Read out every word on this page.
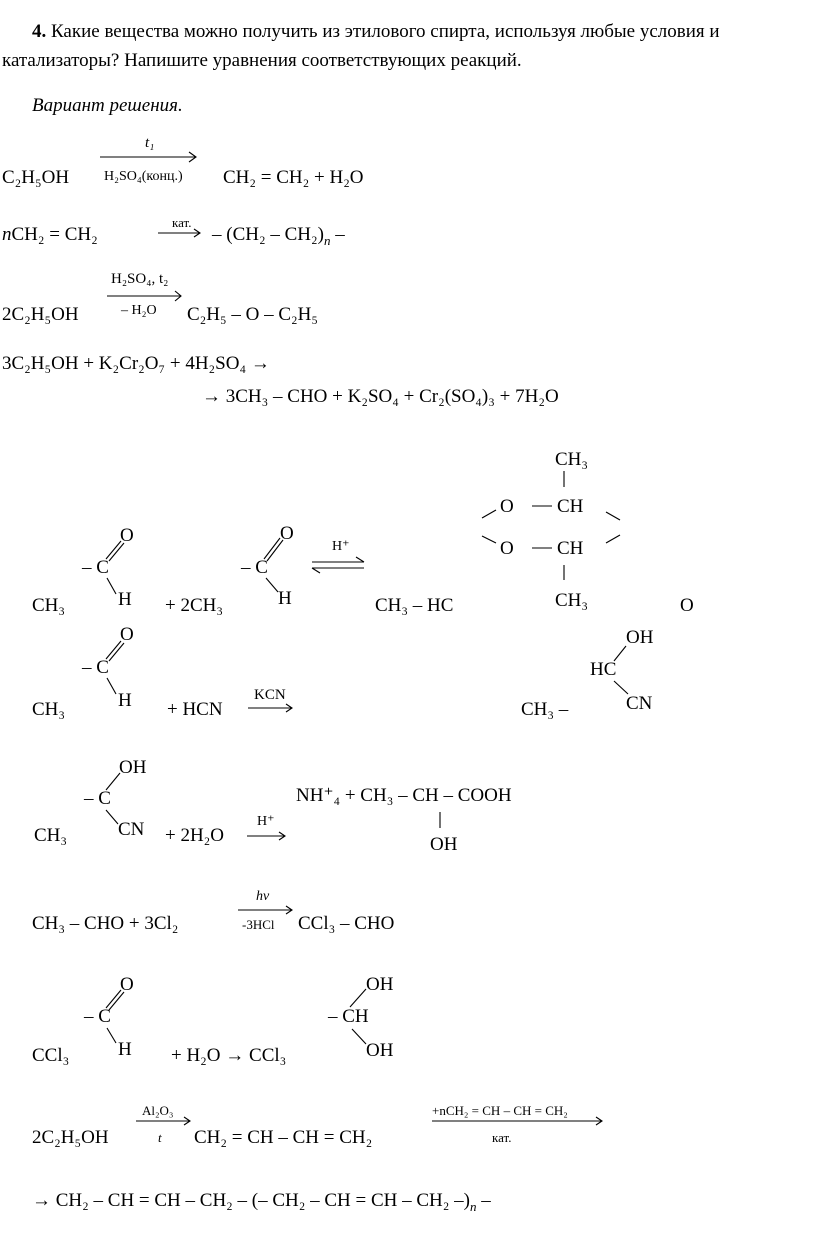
4. Какие вещества можно получить из этилового спирта, используя любые условия и катализаторы? Напишите уравнения соответствующих реакций.
Вариант решения.
C₂H₅OH
t₁
H₂SO₄(конц.) CH₂ = CH₂ + H₂O
nCH₂ = CH₂
кат.
– $(CH_2 - CH_2)_n$ –
H₂SO₄, t₂
– H₂O
2C₂H₅OH	C₂H₅ – O – C₂H₅
3C₂H₅OH + K₂Cr₂O₇ + 4H₂SO₄ →
→ 3CH₃ – CHO + K₂SO₄ + Cr₂(SO₄)₃ + 7H₂O
O
– C
H
CH₃	+ 2CH₃
O
– C
H
H⁺
CH₃
O CH
O CH
CH₃
CH₃ – HC	O
O
– C
H
CH₃	+ HCN
KCN
OH
HC
CN
CH₃ –
OH
– C
CN
CH₃	+ 2H₂O
H⁺
NH⁺₄ + CH₃ – CH – COOH
OH
hν
-3HCl
CH₃ – CHO + 3Cl₂	CCl₃ – CHO
O
– C
H
CCl₃	+ H₂O → CCl₃
OH
– CH
OH
Al₂O₃
t
2C₂H₅OH	CH₂ = CH – CH = CH₂
+nCH₂ = CH – CH = CH₂
кат.
→ CH₂ – CH = CH – CH₂ – (– CH₂ – CH = CH – CH₂ $-)_n$ –
